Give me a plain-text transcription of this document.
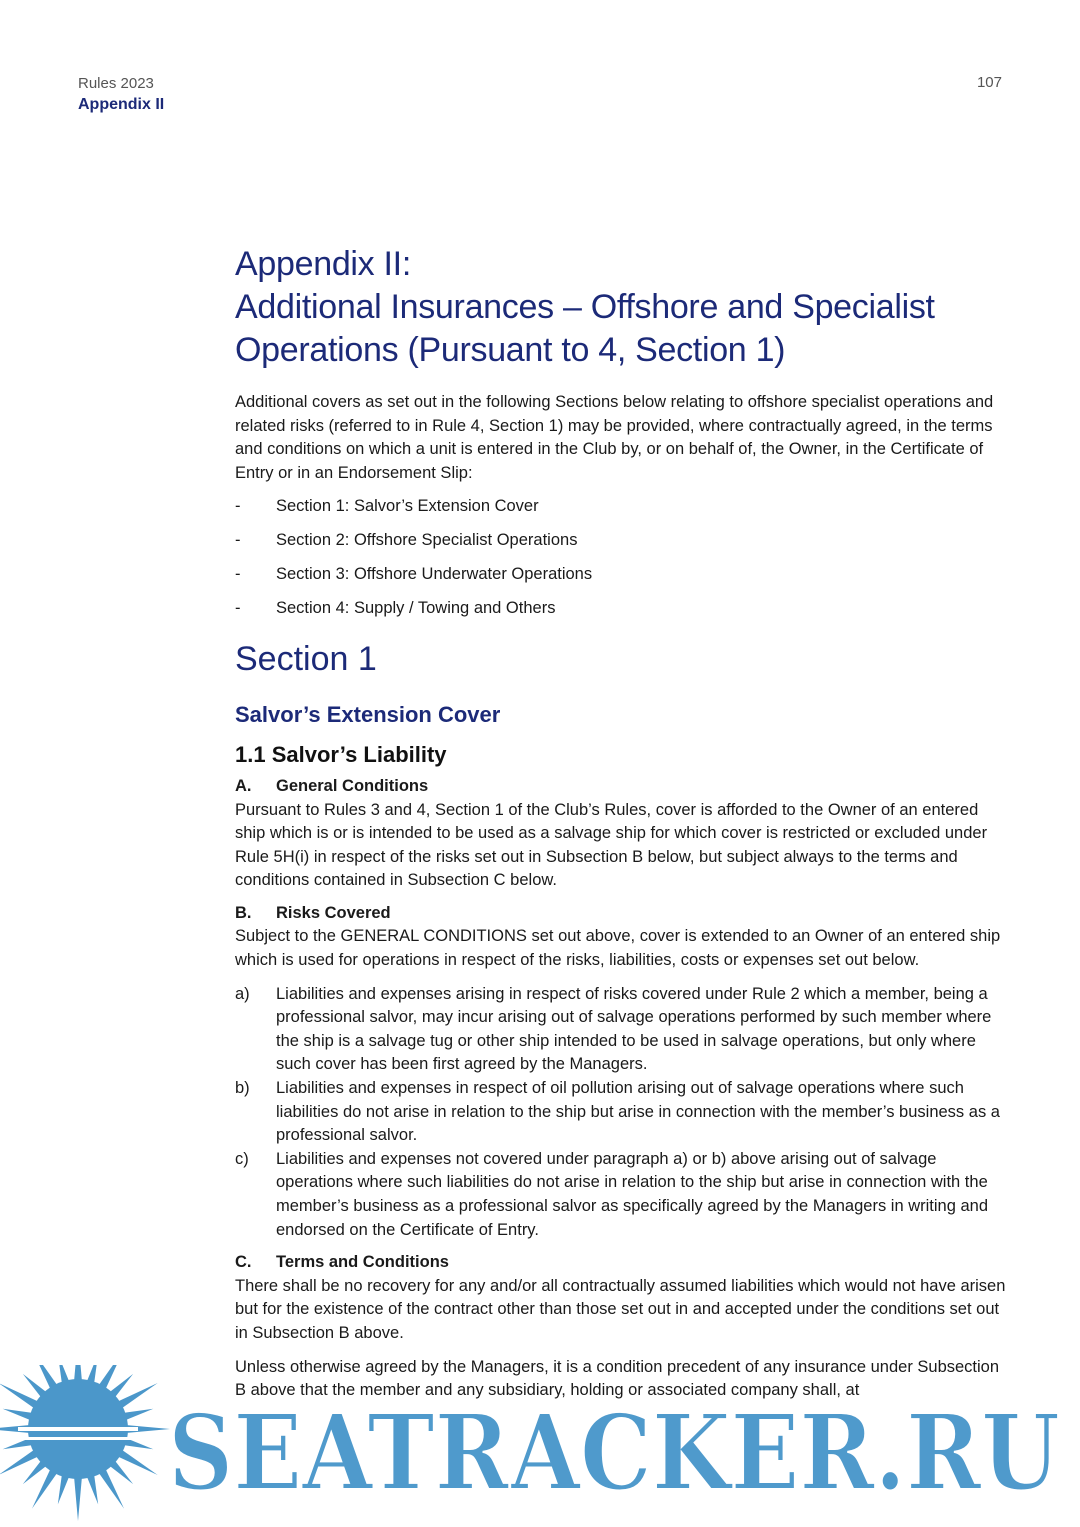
Rules 2023
Appendix II
107
Appendix II:
Additional Insurances – Offshore and Specialist
Operations (Pursuant to 4, Section 1)

Additional covers as set out in the following Sections below relating to offshore specialist operations and related risks (referred to in Rule 4, Section 1) may be provided, where contractually agreed, in the terms and conditions on which a unit is entered in the Club by, or on behalf of, the Owner, in the Certificate of Entry or in an Endorsement Slip:

- Section 1: Salvor’s Extension Cover
- Section 2: Offshore Specialist Operations
- Section 3: Offshore Underwater Operations
- Section 4: Supply / Towing and Others
Section 1
Salvor’s Extension Cover
1.1 Salvor’s Liability
A. General Conditions

Pursuant to Rules 3 and 4, Section 1 of the Club’s Rules, cover is afforded to the Owner of an entered ship which is or is intended to be used as a salvage ship for which cover is restricted or excluded under Rule 5H(i) in respect of the risks set out in Subsection B below, but subject always to the terms and conditions contained in Subsection C below.

B. Risks Covered

Subject to the GENERAL CONDITIONS set out above, cover is extended to an Owner of an entered ship which is used for operations in respect of the risks, liabilities, costs or expenses set out below.

a) Liabilities and expenses arising in respect of risks covered under Rule 2 which a member, being a professional salvor, may incur arising out of salvage operations performed by such member where the ship is a salvage tug or other ship intended to be used in salvage operations, but only where such cover has been first agreed by the Managers.
b) Liabilities and expenses in respect of oil pollution arising out of salvage operations where such liabilities do not arise in relation to the ship but arise in connection with the member’s business as a professional salvor.
c) Liabilities and expenses not covered under paragraph a) or b) above arising out of salvage operations where such liabilities do not arise in relation to the ship but arise in connection with the member’s business as a professional salvor as specifically agreed by the Managers in writing and endorsed on the Certificate of Entry.
C. Terms and Conditions

There shall be no recovery for any and/or all contractually assumed liabilities which would not have arisen but for the existence of the contract other than those set out in and accepted under the conditions set out in Subsection B above.

Unless otherwise agreed by the Managers, it is a condition precedent of any insurance under Subsection B above that the member and any subsidiary, holding or associated company shall, at

SEATRACKER.RU
